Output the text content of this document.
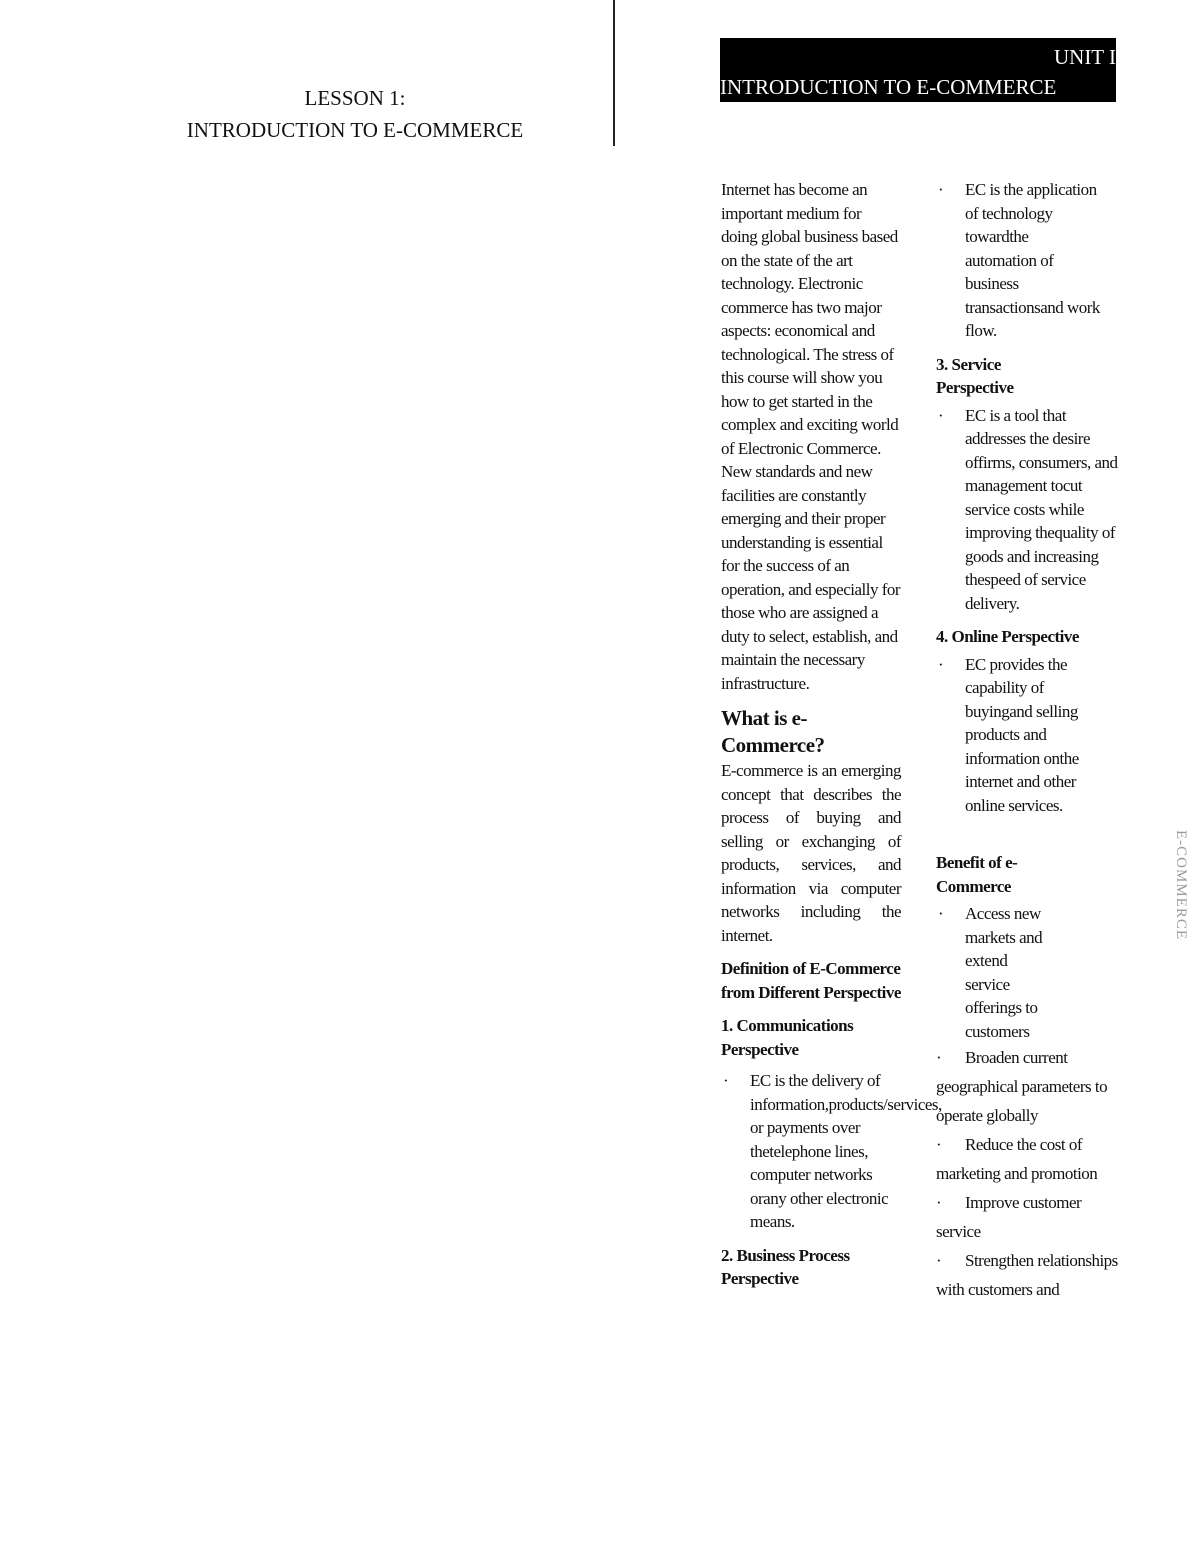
LESSON 1:
INTRODUCTION TO E-COMMERCE
UNIT I
INTRODUCTION TO E-COMMERCE

Internet has become an important medium for doing global business based on the state of the art technology. Electronic commerce has two major aspects: economical and technological. The stress of this course will show you how to get started in the complex and exciting world of Electronic Commerce. New standards and new facilities are constantly emerging and their proper understanding is essential for the success of an operation, and especially for those who are assigned a duty to select, establish, and maintain the necessary infrastructure.

What is e-Commerce?

E-commerce is an emerging concept that describes the process of buying and selling or exchanging of products, services, and information via computer networks including the internet.

Definition of E-Commerce from Different Perspective
1. Communications Perspective
· EC is the delivery of information,products/services, or payments over thetelephone lines, computer networks orany other electronic means.
2. Business Process Perspective
· EC is the application of technology towardthe automation of business transactionsand work flow.
3. Service Perspective
· EC is a tool that addresses the desire offirms, consumers, and management tocut service costs while improving thequality of goods and increasing thespeed of service delivery.
4. Online Perspective
· EC provides the capability of buyingand selling products and information onthe internet and other online services.
Benefit of e-Commerce
· Access new markets and extend service offerings to customers
· Broaden current geographical parameters to operate globally
· Reduce the cost of marketing and promotion
· Improve customer service
· Strengthen relationships with customers and
E-COMMERCE
